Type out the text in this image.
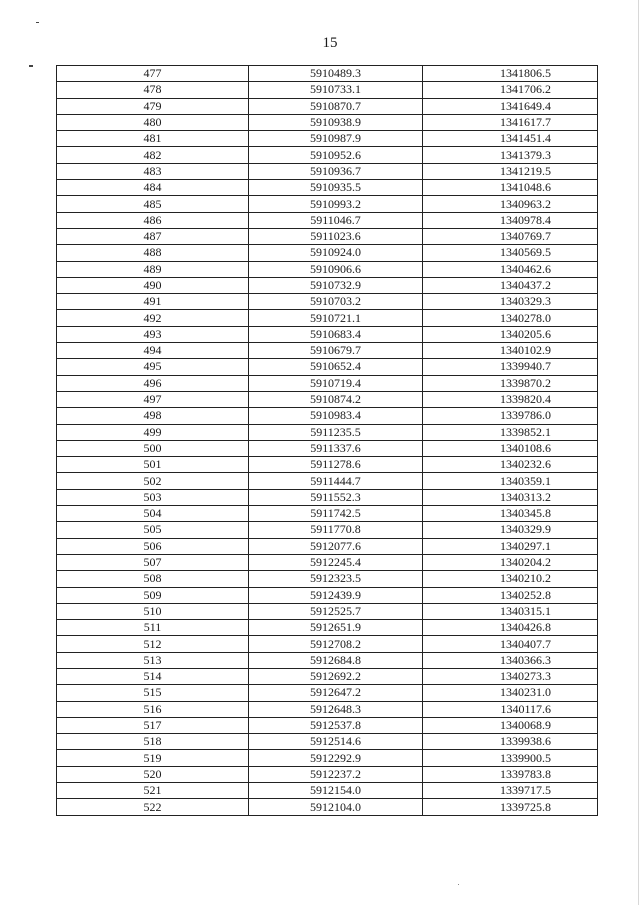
15
477	5910489.3	1341806.5
478	5910733.1	1341706.2
479	5910870.7	1341649.4
480	5910938.9	1341617.7
481	5910987.9	1341451.4
482	5910952.6	1341379.3
483	5910936.7	1341219.5
484	5910935.5	1341048.6
485	5910993.2	1340963.2
486	5911046.7	1340978.4
487	5911023.6	1340769.7
488	5910924.0	1340569.5
489	5910906.6	1340462.6
490	5910732.9	1340437.2
491	5910703.2	1340329.3
492	5910721.1	1340278.0
493	5910683.4	1340205.6
494	5910679.7	1340102.9
495	5910652.4	1339940.7
496	5910719.4	1339870.2
497	5910874.2	1339820.4
498	5910983.4	1339786.0
499	5911235.5	1339852.1
500	5911337.6	1340108.6
501	5911278.6	1340232.6
502	5911444.7	1340359.1
503	5911552.3	1340313.2
504	5911742.5	1340345.8
505	5911770.8	1340329.9
506	5912077.6	1340297.1
507	5912245.4	1340204.2
508	5912323.5	1340210.2
509	5912439.9	1340252.8
510	5912525.7	1340315.1
511	5912651.9	1340426.8
512	5912708.2	1340407.7
513	5912684.8	1340366.3
514	5912692.2	1340273.3
515	5912647.2	1340231.0
516	5912648.3	1340117.6
517	5912537.8	1340068.9
518	5912514.6	1339938.6
519	5912292.9	1339900.5
520	5912237.2	1339783.8
521	5912154.0	1339717.5
522	5912104.0	1339725.8
